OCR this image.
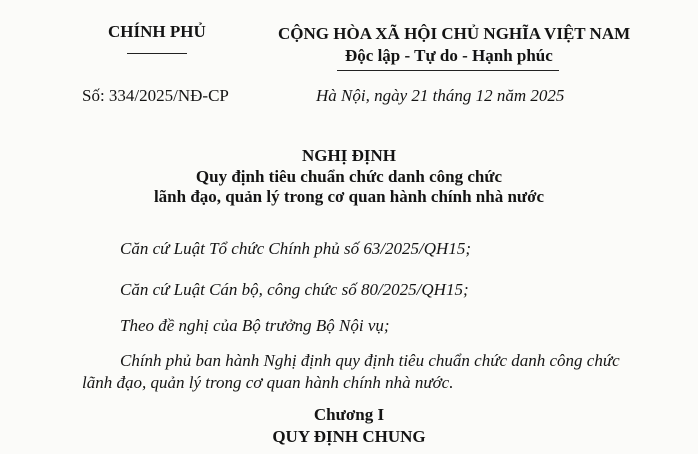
CHÍNH PHỦ	CỘNG HÒA XÃ HỘI CHỦ NGHĨA VIỆT NAM
Độc lập - Tự do - Hạnh phúc
Số: 334/2025/NĐ-CP	Hà Nội, ngày 21 tháng 12 năm 2025
NGHỊ ĐỊNH
Quy định tiêu chuẩn chức danh công chức
lãnh đạo, quản lý trong cơ quan hành chính nhà nước
Căn cứ Luật Tổ chức Chính phủ số 63/2025/QH15;
Căn cứ Luật Cán bộ, công chức số 80/2025/QH15;
Theo đề nghị của Bộ trưởng Bộ Nội vụ;
Chính phủ ban hành Nghị định quy định tiêu chuẩn chức danh công chức
lãnh đạo, quản lý trong cơ quan hành chính nhà nước.
Chương I
QUY ĐỊNH CHUNG
